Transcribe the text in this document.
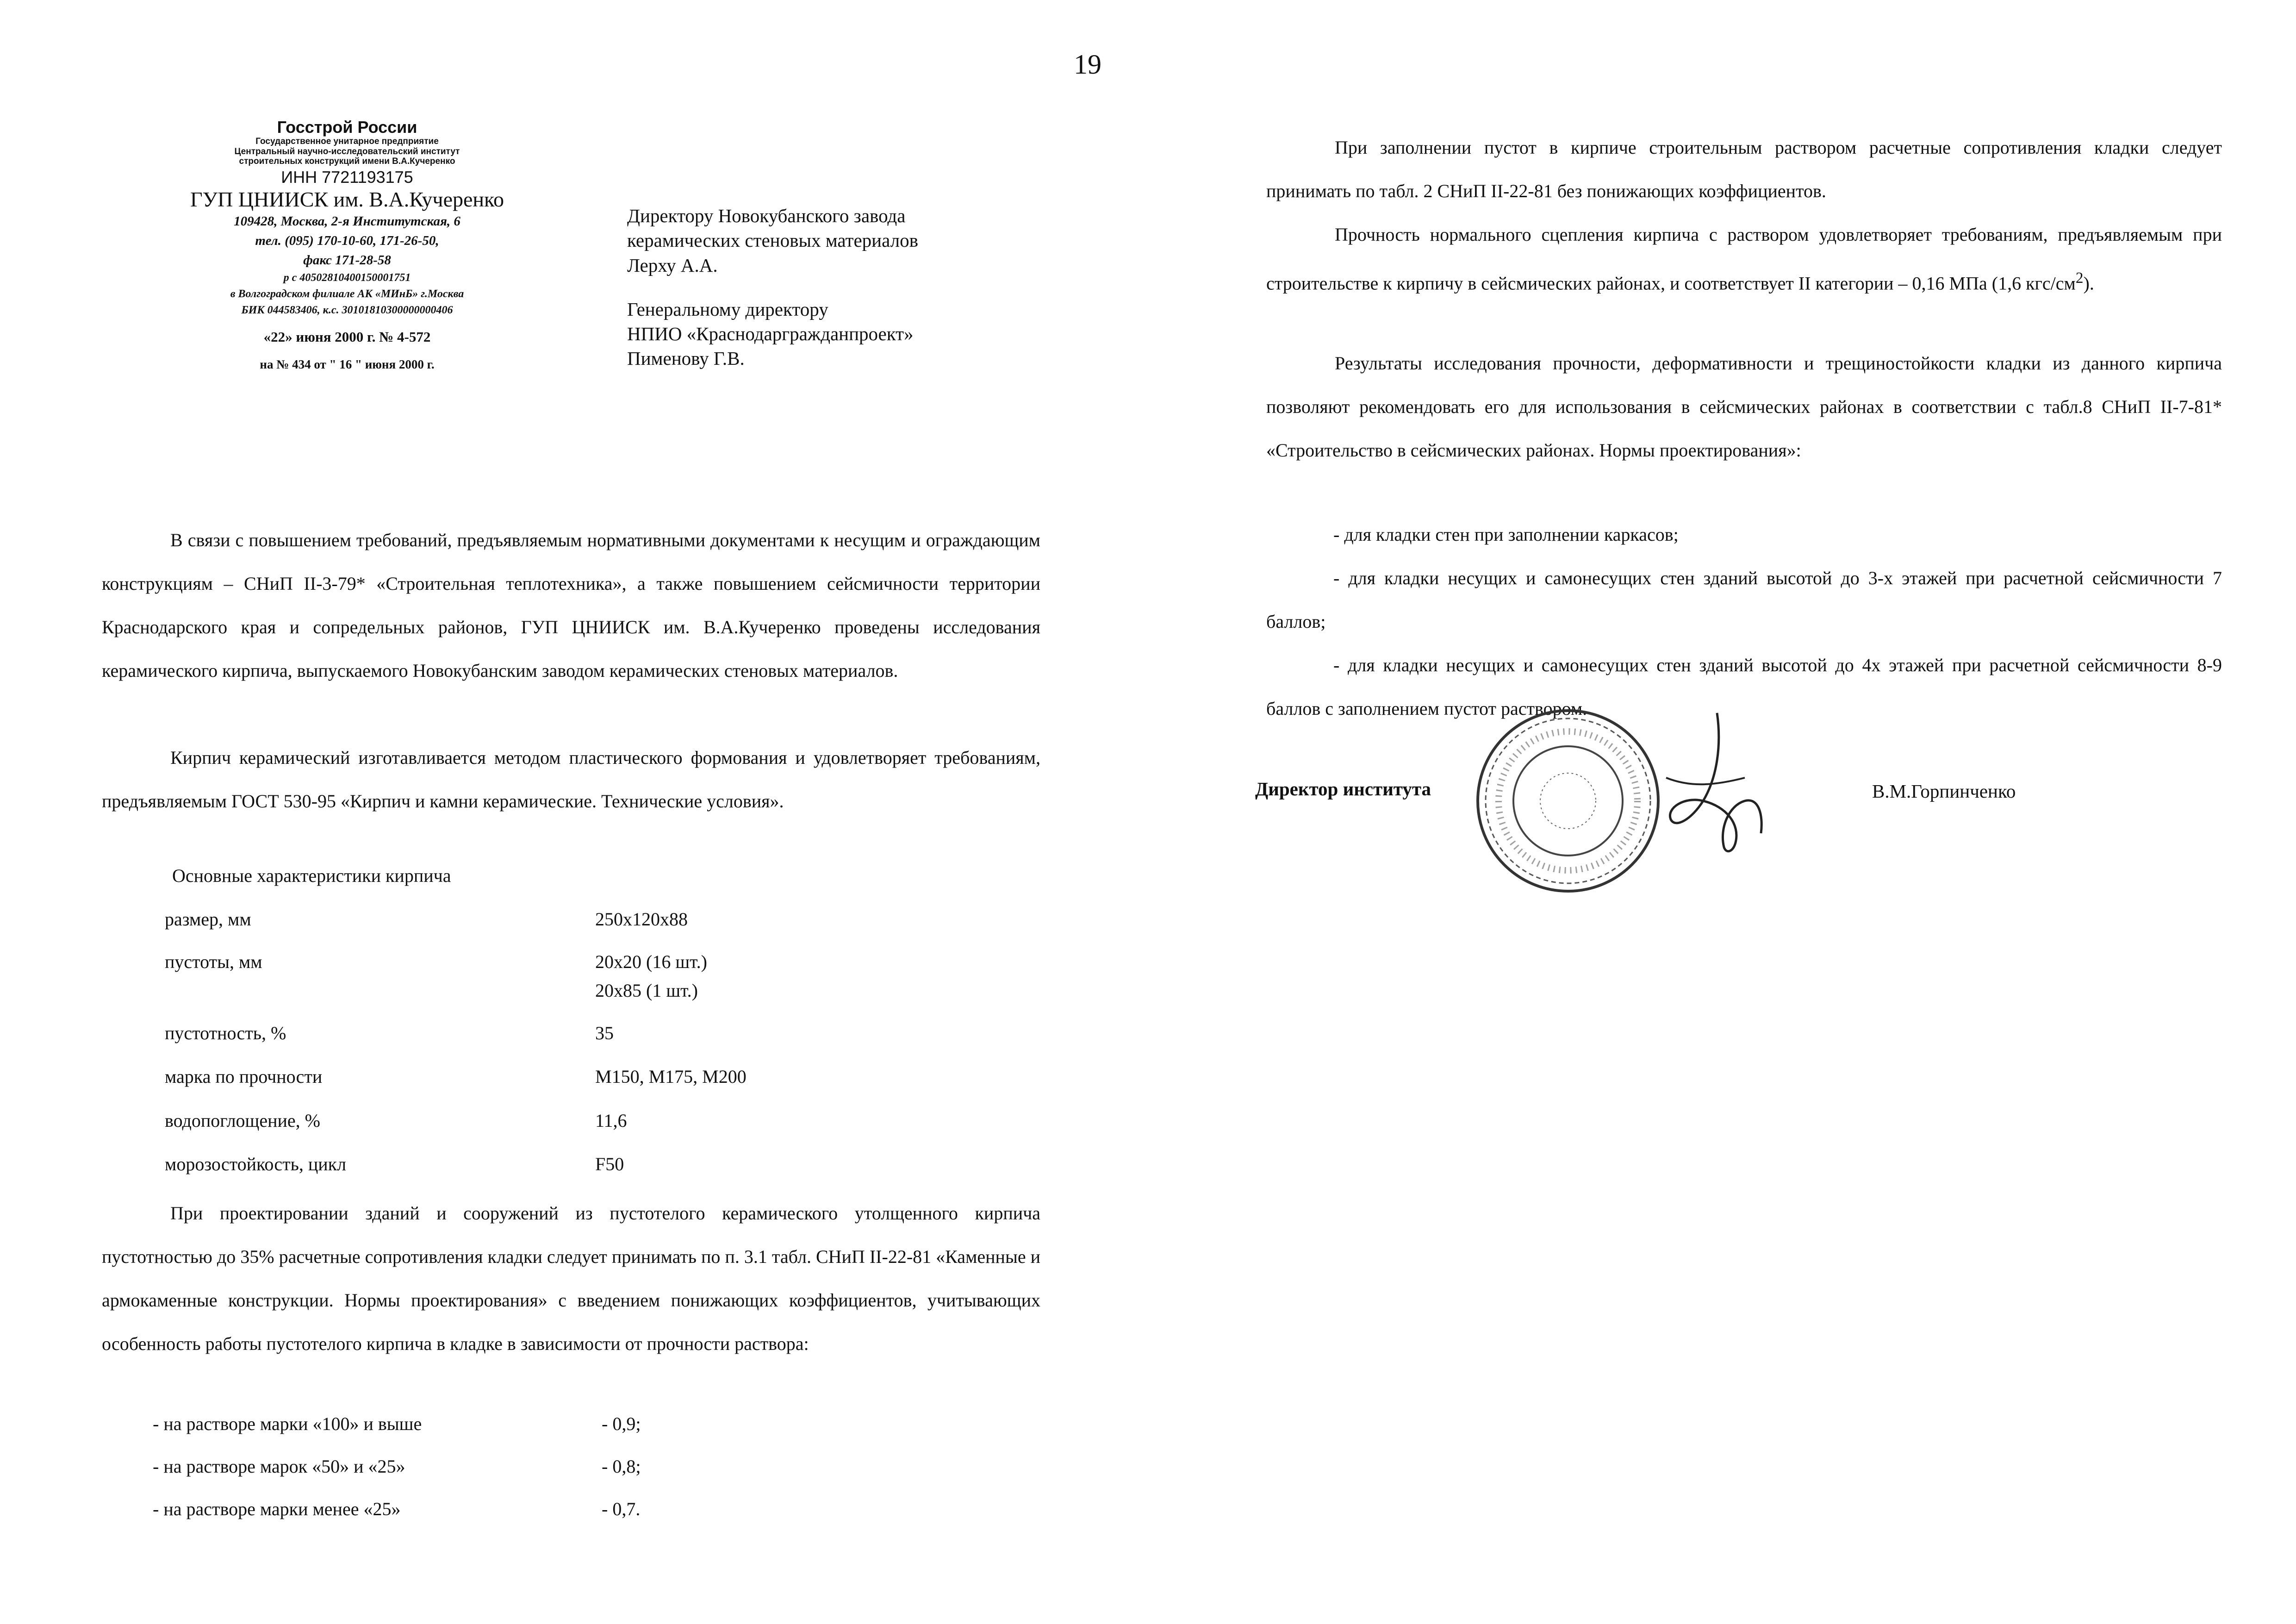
19
Госстрой России
Государственное унитарное предприятие
Центральный научно-исследовательский институт
строительных конструкций имени В.А.Кучеренко
ИНН 7721193175
ГУП ЦНИИСК им. В.А.Кучеренко
109428, Москва, 2-я Институтская, 6
тел. (095) 170-10-60, 171-26-50,
факс 171-28-58
р с 40502810400150001751
в Волгоградском филиале АК «МИнБ» г.Москва
БИК 044583406, к.с. 30101810300000000406
«22» июня 2000 г. № 4-572
на № 434 от " 16 " июня 2000 г.
Директору Новокубанского завода
керамических стеновых материалов
Лерху А.А.
Генеральному директору
НПИО «Краснодаргражданпроект»
Пименову Г.В.

В связи с повышением требований, предъявляемым нормативными документами к несущим и ограждающим конструкциям – СНиП II-3-79* «Строительная теплотехника», а также повышением сейсмичности территории Краснодарского края и сопредельных районов, ГУП ЦНИИСК им. В.А.Кучеренко проведены исследования керамического кирпича, выпускаемого Новокубанским заводом керамических стеновых материалов.

Кирпич керамический изготавливается методом пластического формования и удовлетворяет требованиям, предъявляемым ГОСТ 530-95 «Кирпич и камни керамические. Технические условия».

Основные характеристики кирпича
размер, мм	250х120х88
пустоты, мм	20х20 (16 шт.)
20х85 (1 шт.)
пустотность, %	35
марка по прочности	М150, М175, М200
водопоглощение, %	11,6
морозостойкость, цикл	F50

При проектировании зданий и сооружений из пустотелого керамического утолщенного кирпича пустотностью до 35% расчетные сопротивления кладки следует принимать по п. 3.1 табл. СНиП II-22-81 «Каменные и армокаменные конструкции. Нормы проектирования» с введением понижающих коэффициентов, учитывающих особенность работы пустотелого кирпича в кладке в зависимости от прочности раствора:

- на растворе марки «100» и выше	- 0,9;
- на растворе марок «50» и «25»	- 0,8;
- на растворе марки менее «25»	- 0,7.

При заполнении пустот в кирпиче строительным раствором расчетные сопротивления кладки следует принимать по табл. 2 СНиП II-22-81 без понижающих коэффициентов.

Прочность нормального сцепления кирпича с раствором удовлетворяет требованиям, предъявляемым при строительстве к кирпичу в сейсмических районах, и соответствует II категории – 0,16 МПа (1,6 кгс/$см^2$).

Результаты исследования прочности, деформативности и трещиностойкости кладки из данного кирпича позволяют рекомендовать его для использования в сейсмических районах в соответствии с табл.8 СНиП II-7-81* «Строительство в сейсмических районах. Нормы проектирования»:

- для кладки стен при заполнении каркасов;

- для кладки несущих и самонесущих стен зданий высотой до 3-х этажей при расчетной сейсмичности 7 баллов;

- для кладки несущих и самонесущих стен зданий высотой до 4х этажей при расчетной сейсмичности 8-9 баллов с заполнением пустот раствором.

Директор института	В.М.Горпинченко
